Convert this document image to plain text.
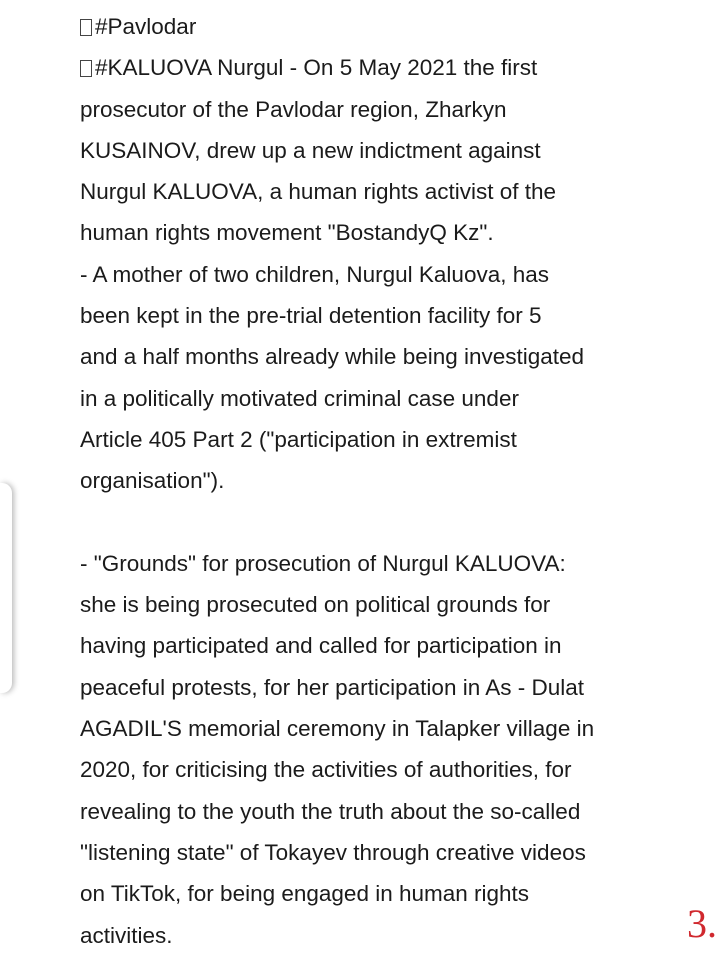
#Pavlodar
#KALUOVA Nurgul - On 5 May 2021 the first
prosecutor of the Pavlodar region, Zharkyn
KUSAINOV, drew up a new indictment against
Nurgul KALUOVA, a human rights activist of the
human rights movement "BostandyQ Kz".
- A mother of two children, Nurgul Kaluova, has
been kept in the pre-trial detention facility for 5
and a half months already while being investigated
in a politically motivated criminal case under
Article 405 Part 2 ("participation in extremist
organisation").
- "Grounds" for prosecution of Nurgul KALUOVA:
she is being prosecuted on political grounds for
having participated and called for participation in
peaceful protests, for her participation in As - Dulat
AGADIL'S memorial ceremony in Talapker village in
2020, for criticising the activities of authorities, for
revealing to the youth the truth about the so-called
"listening state" of Tokayev through creative videos
on TikTok, for being engaged in human rights
activities.	3.
